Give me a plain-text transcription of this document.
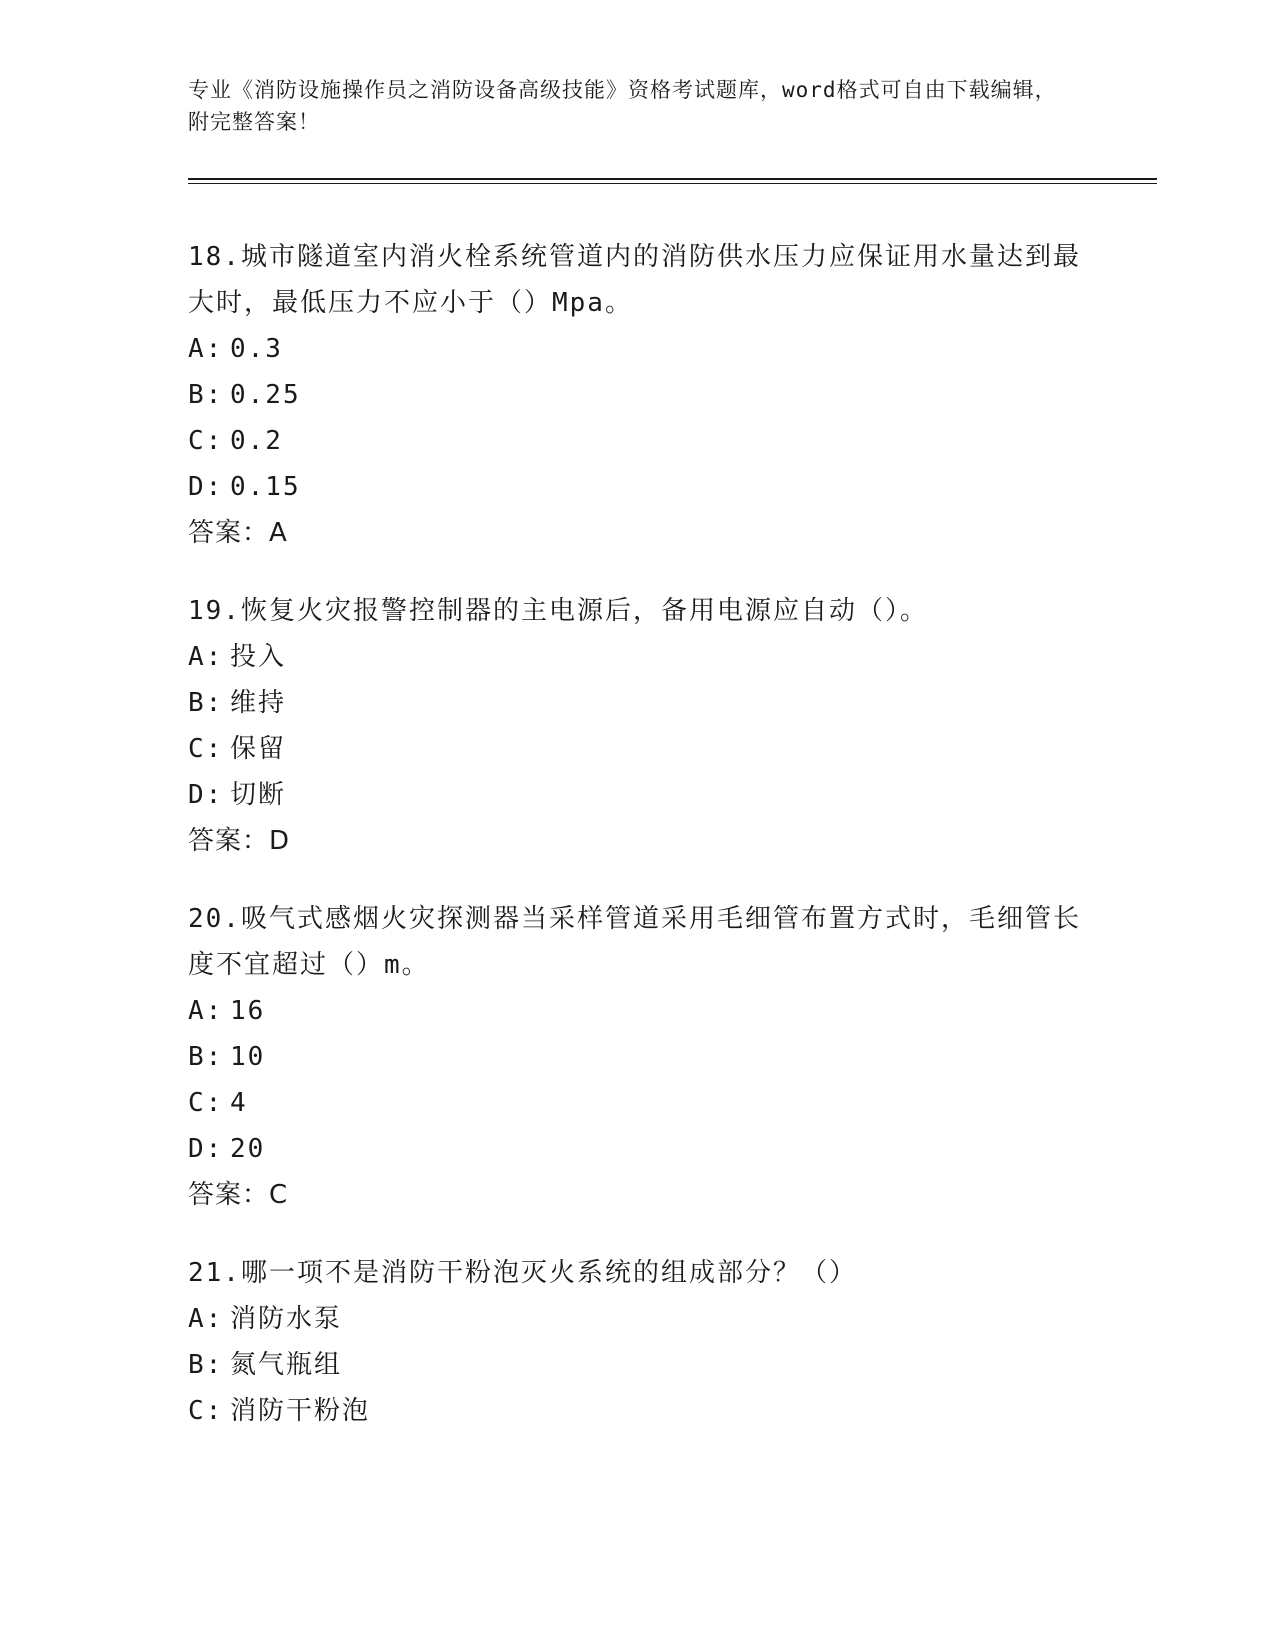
专业《消防设施操作员之消防设备高级技能》资格考试题库，word格式可自由下载编辑，附完整答案！

18.城市隧道室内消火栓系统管道内的消防供水压力应保证用水量达到最大时，最低压力不应小于（）Mpa。

A: 0.3

B: 0.25

C: 0.2

D: 0.15

答案：A

19.恢复火灾报警控制器的主电源后，备用电源应自动（）。

A: 投入

B: 维持

C: 保留

D: 切断

答案：D

20.吸气式感烟火灾探测器当采样管道采用毛细管布置方式时，毛细管长度不宜超过（）m。

A: 16

B: 10

C: 4

D: 20

答案：C

21.哪一项不是消防干粉泡灭火系统的组成部分？（）

A: 消防水泵

B: 氮气瓶组

C: 消防干粉泡
